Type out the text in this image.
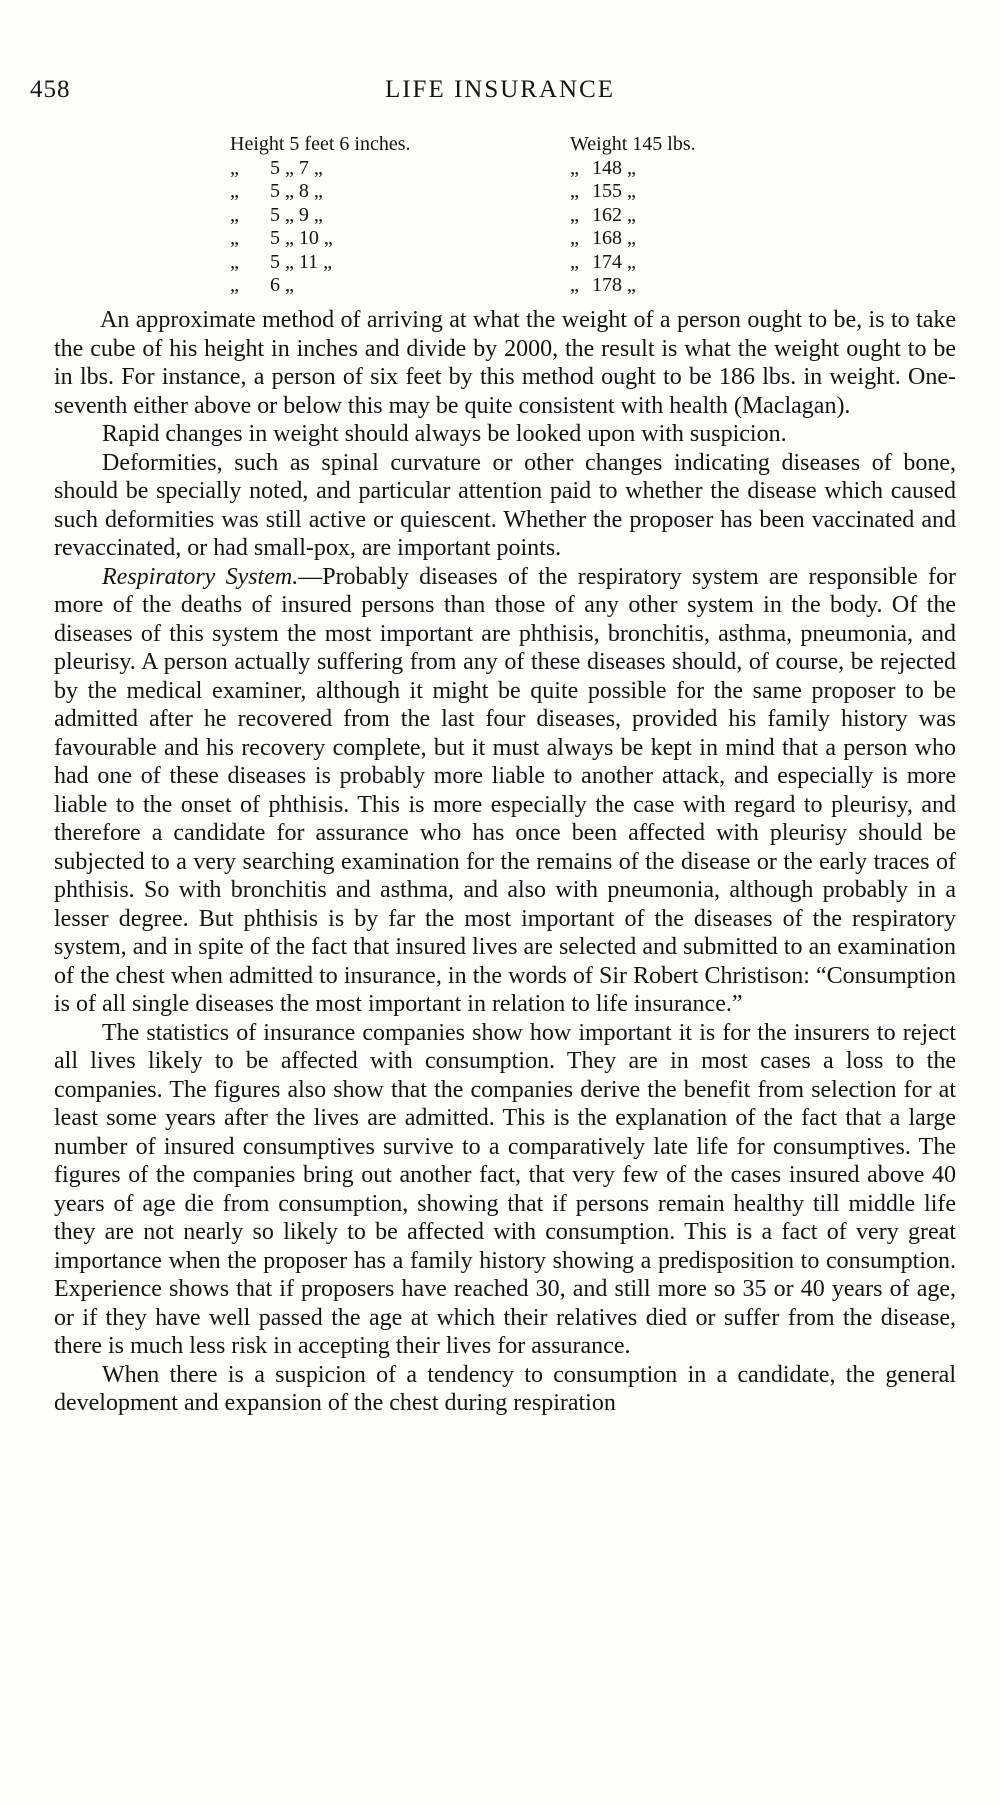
458	LIFE INSURANCE
Height 5 feet 6 inches.	Weight 145 lbs.
„ 5 „ 7 „	„ 148 „
„ 5 „ 8 „	„ 155 „
„ 5 „ 9 „	„ 162 „
„ 5 „ 10 „	„ 168 „
„ 5 „ 11 „	„ 174 „
„ 6 „	„ 178 „

An approximate method of arriving at what the weight of a person ought to be, is to take the cube of his height in inches and divide by 2000, the result is what the weight ought to be in lbs. For instance, a person of six feet by this method ought to be 186 lbs. in weight. One-seventh either above or below this may be quite consistent with health (Maclagan).

Rapid changes in weight should always be looked upon with suspicion.

Deformities, such as spinal curvature or other changes indicating diseases of bone, should be specially noted, and particular attention paid to whether the disease which caused such deformities was still active or quiescent. Whether the proposer has been vaccinated and revaccinated, or had small-pox, are important points.

Respiratory System.—Probably diseases of the respiratory system are responsible for more of the deaths of insured persons than those of any other system in the body. Of the diseases of this system the most important are phthisis, bronchitis, asthma, pneumonia, and pleurisy. A person actually suffering from any of these diseases should, of course, be rejected by the medical examiner, although it might be quite possible for the same proposer to be admitted after he recovered from the last four diseases, provided his family history was favourable and his recovery complete, but it must always be kept in mind that a person who had one of these diseases is probably more liable to another attack, and especially is more liable to the onset of phthisis. This is more especially the case with regard to pleurisy, and therefore a candidate for assurance who has once been affected with pleurisy should be subjected to a very searching examination for the remains of the disease or the early traces of phthisis. So with bronchitis and asthma, and also with pneumonia, although probably in a lesser degree. But phthisis is by far the most important of the diseases of the respiratory system, and in spite of the fact that insured lives are selected and submitted to an examination of the chest when admitted to insurance, in the words of Sir Robert Christison: “Consumption is of all single diseases the most important in relation to life insurance.”

The statistics of insurance companies show how important it is for the insurers to reject all lives likely to be affected with consumption. They are in most cases a loss to the companies. The figures also show that the companies derive the benefit from selection for at least some years after the lives are admitted. This is the explanation of the fact that a large number of insured consumptives survive to a comparatively late life for consumptives. The figures of the companies bring out another fact, that very few of the cases insured above 40 years of age die from consumption, showing that if persons remain healthy till middle life they are not nearly so likely to be affected with consumption. This is a fact of very great importance when the proposer has a family history showing a predisposition to consumption. Experience shows that if proposers have reached 30, and still more so 35 or 40 years of age, or if they have well passed the age at which their relatives died or suffer from the disease, there is much less risk in accepting their lives for assurance.

When there is a suspicion of a tendency to consumption in a candidate, the general development and expansion of the chest during respiration
